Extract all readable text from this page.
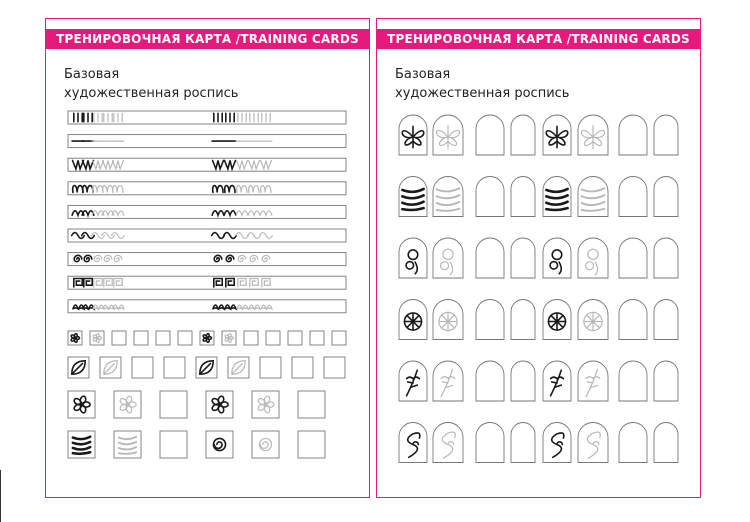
ТРЕНИРОВОЧНАЯ КАРТА /TRAINING CARDS
Базовая
художественная роспись
ТРЕНИРОВОЧНАЯ КАРТА /TRAINING CARDS
Базовая
художественная роспись
